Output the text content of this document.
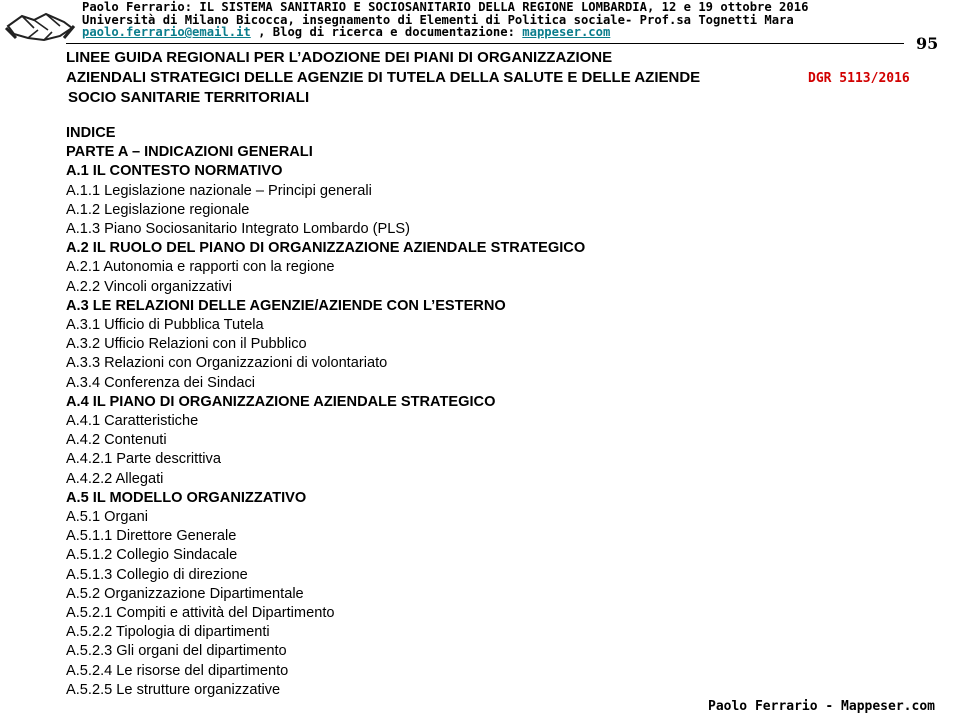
Paolo Ferrario: IL SISTEMA SANITARIO E SOCIOSANITARIO DELLA REGIONE LOMBARDIA, 12 e 19 ottobre 2016
Università di Milano Bicocca, insegnamento di Elementi di Politica sociale- Prof.sa Tognetti Mara
paolo.ferrario@email.it , Blog di ricerca e documentazione: mappeser.com
95
LINEE GUIDA REGIONALI PER L’ADOZIONE DEI PIANI DI ORGANIZZAZIONE
AZIENDALI STRATEGICI DELLE AGENZIE DI TUTELA DELLA SALUTE E DELLE AZIENDE
SOCIO SANITARIE TERRITORIALI
DGR 5113/2016
INDICE
PARTE A – INDICAZIONI GENERALI
A.1 IL CONTESTO NORMATIVO
A.1.1 Legislazione nazionale – Principi generali
A.1.2 Legislazione regionale
A.1.3 Piano Sociosanitario Integrato Lombardo (PLS)
A.2 IL RUOLO DEL PIANO DI ORGANIZZAZIONE AZIENDALE STRATEGICO
A.2.1 Autonomia e rapporti con la regione
A.2.2 Vincoli organizzativi
A.3 LE RELAZIONI DELLE AGENZIE/AZIENDE CON L’ESTERNO
A.3.1 Ufficio di Pubblica Tutela
A.3.2 Ufficio Relazioni con il Pubblico
A.3.3 Relazioni con Organizzazioni di volontariato
A.3.4 Conferenza dei Sindaci
A.4 IL PIANO DI ORGANIZZAZIONE AZIENDALE STRATEGICO
A.4.1 Caratteristiche
A.4.2 Contenuti
A.4.2.1 Parte descrittiva
A.4.2.2 Allegati
A.5 IL MODELLO ORGANIZZATIVO
A.5.1 Organi
A.5.1.1 Direttore Generale
A.5.1.2 Collegio Sindacale
A.5.1.3 Collegio di direzione
A.5.2 Organizzazione Dipartimentale
A.5.2.1 Compiti e attività del Dipartimento
A.5.2.2 Tipologia di dipartimenti
A.5.2.3 Gli organi del dipartimento
A.5.2.4 Le risorse del dipartimento
A.5.2.5 Le strutture organizzative
Paolo Ferrario - Mappeser.com
